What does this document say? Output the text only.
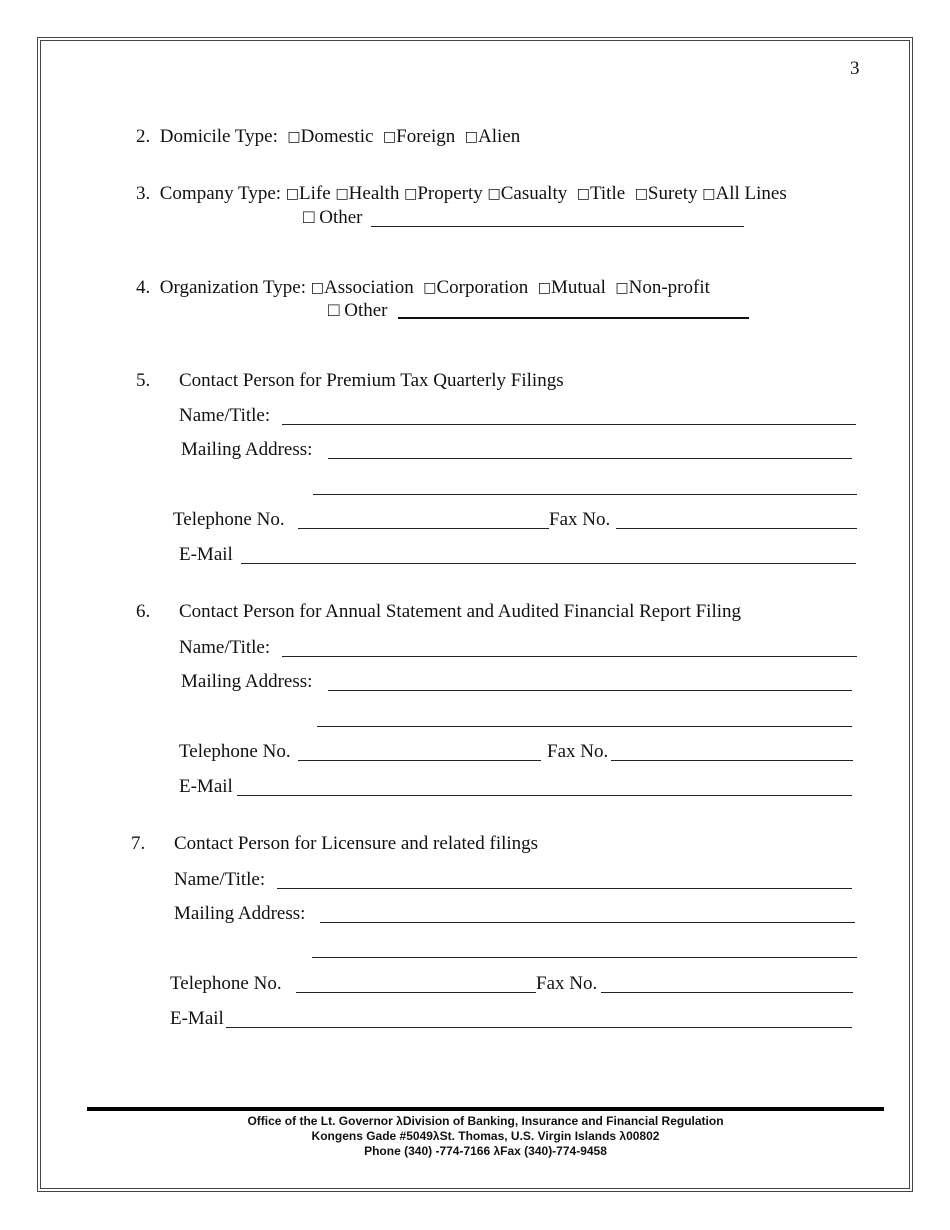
3
2. Domicile Type: □Domestic □Foreign □Alien
3. Company Type: □Life □Health □Property □Casualty □Title □Surety □All Lines
□ Other
4. Organization Type: □Association □Corporation □Mutual □Non-profit
□ Other
5. Contact Person for Premium Tax Quarterly Filings
Name/Title:
Mailing Address:
Telephone No.	Fax No.
E-Mail
6. Contact Person for Annual Statement and Audited Financial Report Filing
Name/Title:
Mailing Address:
Telephone No.	Fax No.
E-Mail
7. Contact Person for Licensure and related filings
Name/Title:
Mailing Address:
Telephone No.	Fax No.
E-Mail
Office of the Lt. Governor λDivision of Banking, Insurance and Financial Regulation
Kongens Gade #5049λSt. Thomas, U.S. Virgin Islands λ00802
Phone (340) -774-7166 λFax (340)-774-9458
